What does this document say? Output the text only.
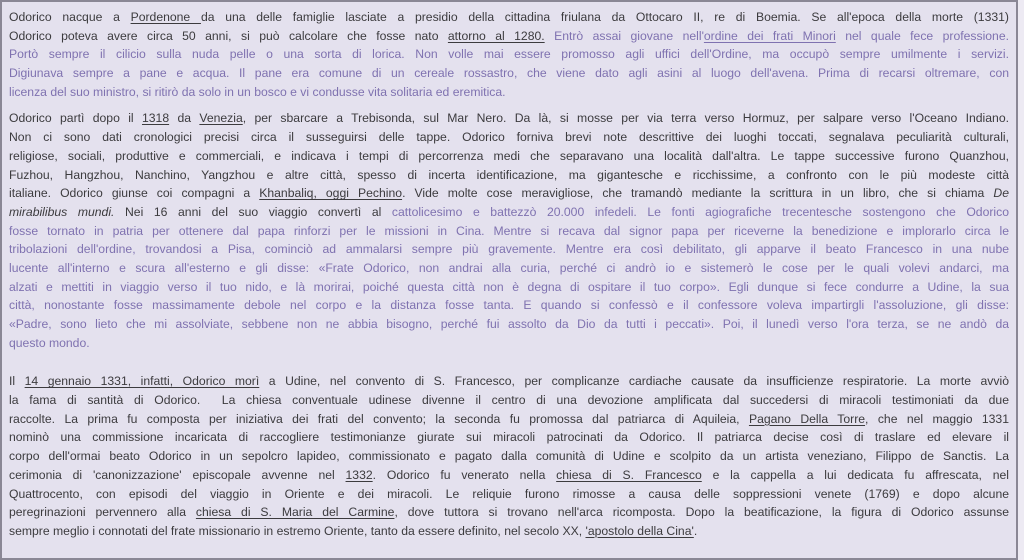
Odorico nacque a Pordenone da una delle famiglie lasciate a presidio della cittadina friulana da Ottocaro II, re di Boemia. Se all'epoca della morte (1331)
Odorico poteva avere circa 50 anni, si può calcolare che fosse nato attorno al 1280. Entrò assai giovane nell'ordine dei frati Minori nel quale fece professione.
Portò sempre il cilicio sulla nuda pelle o una sorta di lorica. Non volle mai essere promosso agli uffici dell'Ordine, ma occupò sempre umilmente i servizi.
Digiunava sempre a pane e acqua. Il pane era comune di un cereale rossastro, che viene dato agli asini al luogo dell'avena. Prima di recarsi oltremare, con
licenza del suo ministro, si ritirò da solo in un bosco e vi condusse vita solitaria ed eremitica.
Odorico partì dopo il 1318 da Venezia, per sbarcare a Trebisonda, sul Mar Nero. Da là, si mosse per via terra verso Hormuz, per salpare verso l'Oceano Indiano.
Non ci sono dati cronologici precisi circa il susseguirsi delle tappe. Odorico forniva brevi note descrittive dei luoghi toccati, segnalava peculiarità culturali,
religiose, sociali, produttive e commerciali, e indicava i tempi di percorrenza medi che separavano una località dall'altra. Le tappe successive furono Quanzhou,
Fuzhou, Hangzhou, Nanchino, Yangzhou e altre città, spesso di incerta identificazione, ma gigantesche e ricchissime, a confronto con le più modeste città
italiane. Odorico giunse coi compagni a Khanbaliq, oggi Pechino. Vide molte cose meravigliose, che tramandò mediante la scrittura in un libro, che si chiama De
mirabilibus mundi. Nei 16 anni del suo viaggio convertì al cattolicesimo e battezzò 20.000 infedeli. Le fonti agiografiche trecentesche sostengono che Odorico
fosse tornato in patria per ottenere dal papa rinforzi per le missioni in Cina. Mentre si recava dal signor papa per riceverne la benedizione e implorarlo circa le
tribolazioni dell'ordine, trovandosi a Pisa, cominciò ad ammalarsi sempre più gravemente. Mentre era così debilitato, gli apparve il beato Francesco in una nube
lucente all'interno e scura all'esterno e gli disse: «Frate Odorico, non andrai alla curia, perché ci andrò io e sistemerò le cose per le quali volevi andarci, ma
alzati e mettiti in viaggio verso il tuo nido, e là morirai, poiché questa città non è degna di ospitare il tuo corpo». Egli dunque si fece condurre a Udine, la sua
città, nonostante fosse massimamente debole nel corpo e la distanza fosse tanta. E quando si confessò e il confessore voleva impartirgli l'assoluzione, gli disse:
«Padre, sono lieto che mi assolviate, sebbene non ne abbia bisogno, perché fui assolto da Dio da tutti i peccati». Poi, il lunedì verso l'ora terza, se ne andò da
questo mondo.
Il 14 gennaio 1331, infatti, Odorico morì a Udine, nel convento di S. Francesco, per complicanze cardiache causate da insufficienze respiratorie. La morte avviò
la fama di santità di Odorico.  La chiesa conventuale udinese divenne il centro di una devozione amplificata dal succedersi di miracoli testimoniati da due
raccolte. La prima fu composta per iniziativa dei frati del convento; la seconda fu promossa dal patriarca di Aquileia, Pagano Della Torre, che nel maggio 1331
nominò una commissione incaricata di raccogliere testimonianze giurate sui miracoli patrocinati da Odorico. Il patriarca decise così di traslare ed elevare il
corpo dell'ormai beato Odorico in un sepolcro lapideo, commissionato e pagato dalla comunità di Udine e scolpito da un artista veneziano, Filippo de Sanctis. La
cerimonia di 'canonizzazione' episcopale avvenne nel 1332. Odorico fu venerato nella chiesa di S. Francesco e la cappella a lui dedicata fu affrescata, nel
Quattrocento, con episodi del viaggio in Oriente e dei miracoli. Le reliquie furono rimosse a causa delle soppressioni venete (1769) e dopo alcune
peregrinazioni pervennero alla chiesa di S. Maria del Carmine, dove tuttora si trovano nell'arca ricomposta. Dopo la beatificazione, la figura di Odorico assunse
sempre meglio i connotati del frate missionario in estremo Oriente, tanto da essere definito, nel secolo XX, 'apostolo della Cina'.
